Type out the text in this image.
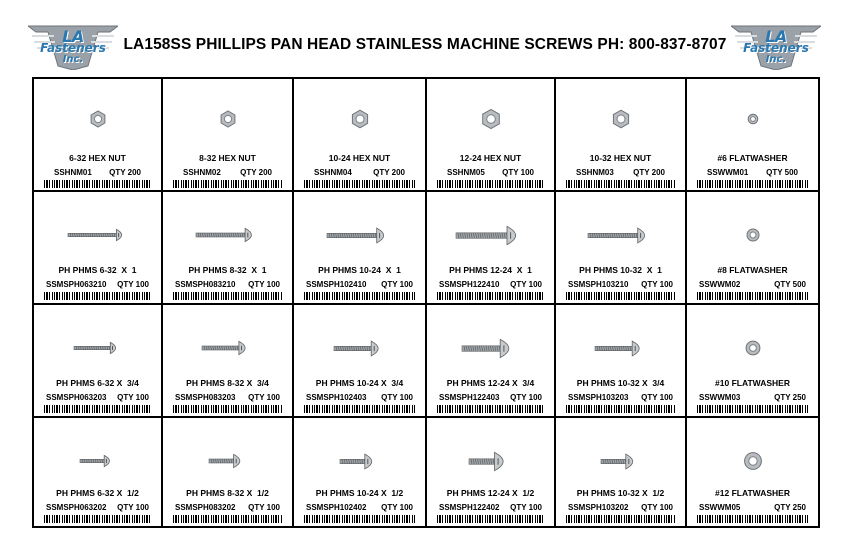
LA
Fasteners
Inc.
LA158SS PHILLIPS PAN HEAD STAINLESS MACHINE SCREWS PH: 800-837-8707	LA
Fasteners
Inc.
6-32 HEX NUT
SSHNM01 QTY 200
8-32 HEX NUT
SSHNM02 QTY 200
10-24 HEX NUT
SSHNM04	QTY 200
12-24 HEX NUT
SSHNM05 QTY 100
10-32 HEX NUT
SSHNM03 QTY 200
#6 FLATWASHER
SSWWM01 QTY 500
PH PHMS 6-32  X  1
SSMSPH063210 QTY 100
PH PHMS 8-32  X  1
SSMSPH083210 QTY 100
PH PHMS 10-24  X  1
SSMSPH102410 QTY 100
PH PHMS 12-24  X  1
SSMSPH122410 QTY 100
PH PHMS 10-32  X  1
SSMSPH103210 QTY 100
#8 FLATWASHER
SSWWM02	QTY 500
PH PHMS 6-32 X  3/4
SSMSPH063203 QTY 100
PH PHMS 8-32 X  3/4
SSMSPH083203 QTY 100
PH PHMS 10-24 X  3/4
SSMSPH102403 QTY 100
PH PHMS 12-24 X  3/4
SSMSPH122403 QTY 100
PH PHMS 10-32 X  3/4
SSMSPH103203 QTY 100
#10 FLATWASHER
SSWWM03	QTY 250
PH PHMS 6-32 X  1/2
SSMSPH063202 QTY 100
PH PHMS 8-32 X  1/2
SSMSPH083202 QTY 100
PH PHMS 10-24 X  1/2
SSMSPH102402 QTY 100
PH PHMS 12-24 X  1/2
SSMSPH122402 QTY 100
PH PHMS 10-32 X  1/2
SSMSPH103202 QTY 100
#12 FLATWASHER
SSWWM05	QTY 250
